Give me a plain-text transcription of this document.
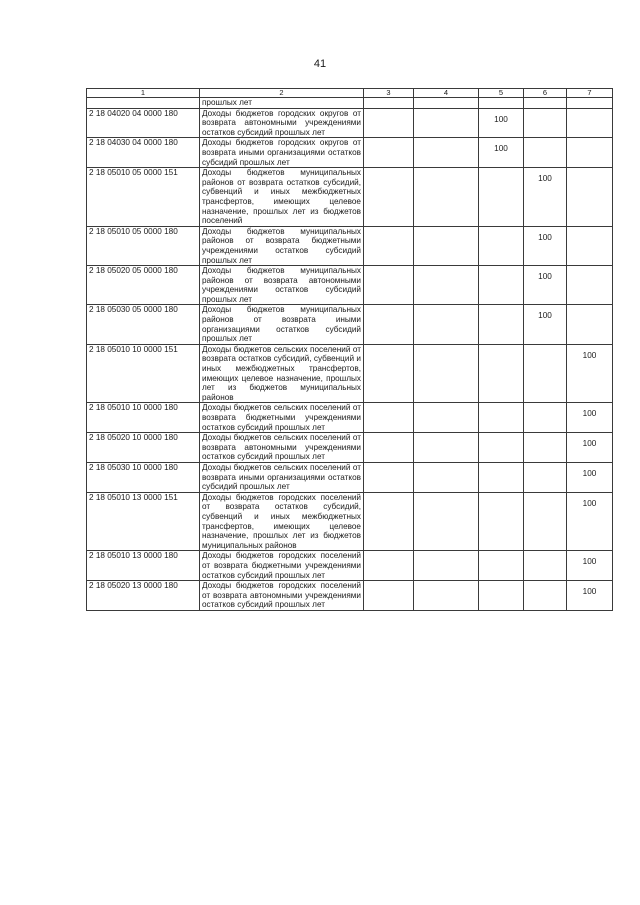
41
1	2	3	4	5	6	7
	прошлых лет					
2 18 04020 04 0000 180	Доходы бюджетов городских округов от возврата автономными учреждениями остатков субсидий прошлых лет			100		
2 18 04030 04 0000 180	Доходы бюджетов городских округов от возврата иными организациями остатков субсидий прошлых лет			100		
2 18 05010 05 0000 151	Доходы бюджетов муниципальных районов от возврата остатков субсидий, субвенций и иных межбюджетных трансфертов, имеющих целевое назначение, прошлых лет из бюджетов поселений				100	
2 18 05010 05 0000 180	Доходы бюджетов муниципальных районов от возврата бюджетными учреждениями остатков субсидий прошлых лет				100	
2 18 05020 05 0000 180	Доходы бюджетов муниципальных районов от возврата автономными учреждениями остатков субсидий прошлых лет				100	
2 18 05030 05 0000 180	Доходы бюджетов муниципальных районов от возврата иными организациями остатков субсидий прошлых лет				100	
2 18 05010 10 0000 151	Доходы бюджетов сельских поселений от возврата остатков субсидий, субвенций и иных межбюджетных трансфертов, имеющих целевое назначение, прошлых лет из бюджетов муниципальных районов					100
2 18 05010 10 0000 180	Доходы бюджетов сельских поселений от возврата бюджетными учреждениями остатков субсидий прошлых лет					100
2 18 05020 10 0000 180	Доходы бюджетов сельских поселений от возврата автономными учреждениями остатков субсидий прошлых лет					100
2 18 05030 10 0000 180	Доходы бюджетов сельских поселений от возврата иными организациями остатков субсидий прошлых лет					100
2 18 05010 13 0000 151	Доходы бюджетов городских поселений от возврата остатков субсидий, субвенций и иных межбюджетных трансфертов, имеющих целевое назначение, прошлых лет из бюджетов муниципальных районов					100
2 18 05010 13 0000 180	Доходы бюджетов городских поселений от возврата бюджетными учреждениями остатков субсидий прошлых лет					100
2 18 05020 13 0000 180	Доходы бюджетов городских поселений от возврата автономными учреждениями остатков субсидий прошлых лет					100
